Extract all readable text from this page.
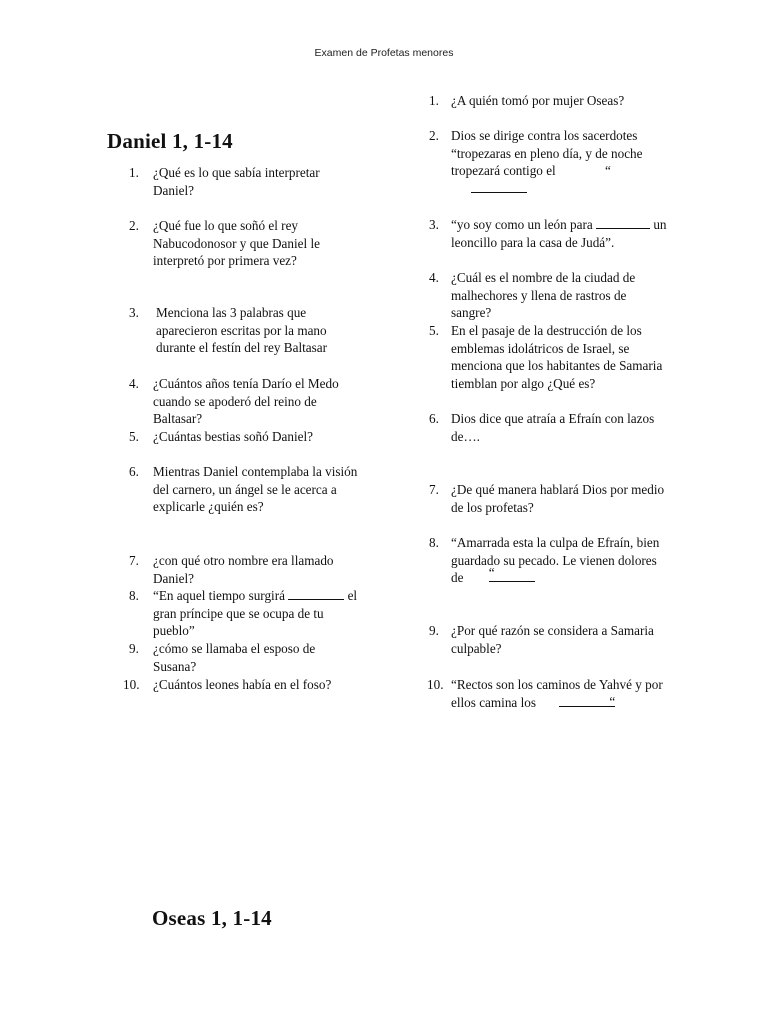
Examen de Profetas menores
Daniel 1, 1-14
1. ¿Qué es lo que sabía interpretar Daniel?
2. ¿Qué fue lo que soñó el rey Nabucodonosor y que Daniel le interpretó por primera vez?
3. Menciona las 3 palabras que aparecieron escritas por la mano durante el festín del rey Baltasar
4. ¿Cuántos años tenía Darío el Medo cuando se apoderó del reino de Baltasar?
5. ¿Cuántas bestias soñó Daniel?
6. Mientras Daniel contemplaba la visión del carnero, un ángel se le acerca a explicarle ¿quién es?
7. ¿con qué otro nombre era llamado Daniel?
8. “En aquel tiempo surgirá	el gran príncipe que se ocupa de tu pueblo”
9. ¿cómo se llamaba el esposo de Susana?
10. ¿Cuántos leones había en el foso?
1. ¿A quién tomó por mujer Oseas?
2. Dios se dirige contra los sacerdotes “tropezaras en pleno día, y de noche tropezará contigo el	“

3. “yo soy como un león para	un leoncillo para la casa de Judá”.
4. ¿Cuál es el nombre de la ciudad de malhechores y llena de rastros de sangre?
5. En el pasaje de la destrucción de los emblemas idolátricos de Israel, se menciona que los habitantes de Samaria tiemblan por algo ¿Qué es?
6. Dios dice que atraía a Efraín con lazos de….
7. ¿De qué manera hablará Dios por medio de los profetas?
8. “Amarrada esta la culpa de Efraín, bien guardado su pecado. Le vienen dolores de “
9. ¿Por qué razón se considera a Samaria culpable?
10. “Rectos son los caminos de Yahvé y por ellos camina los	“
Oseas 1, 1-14
